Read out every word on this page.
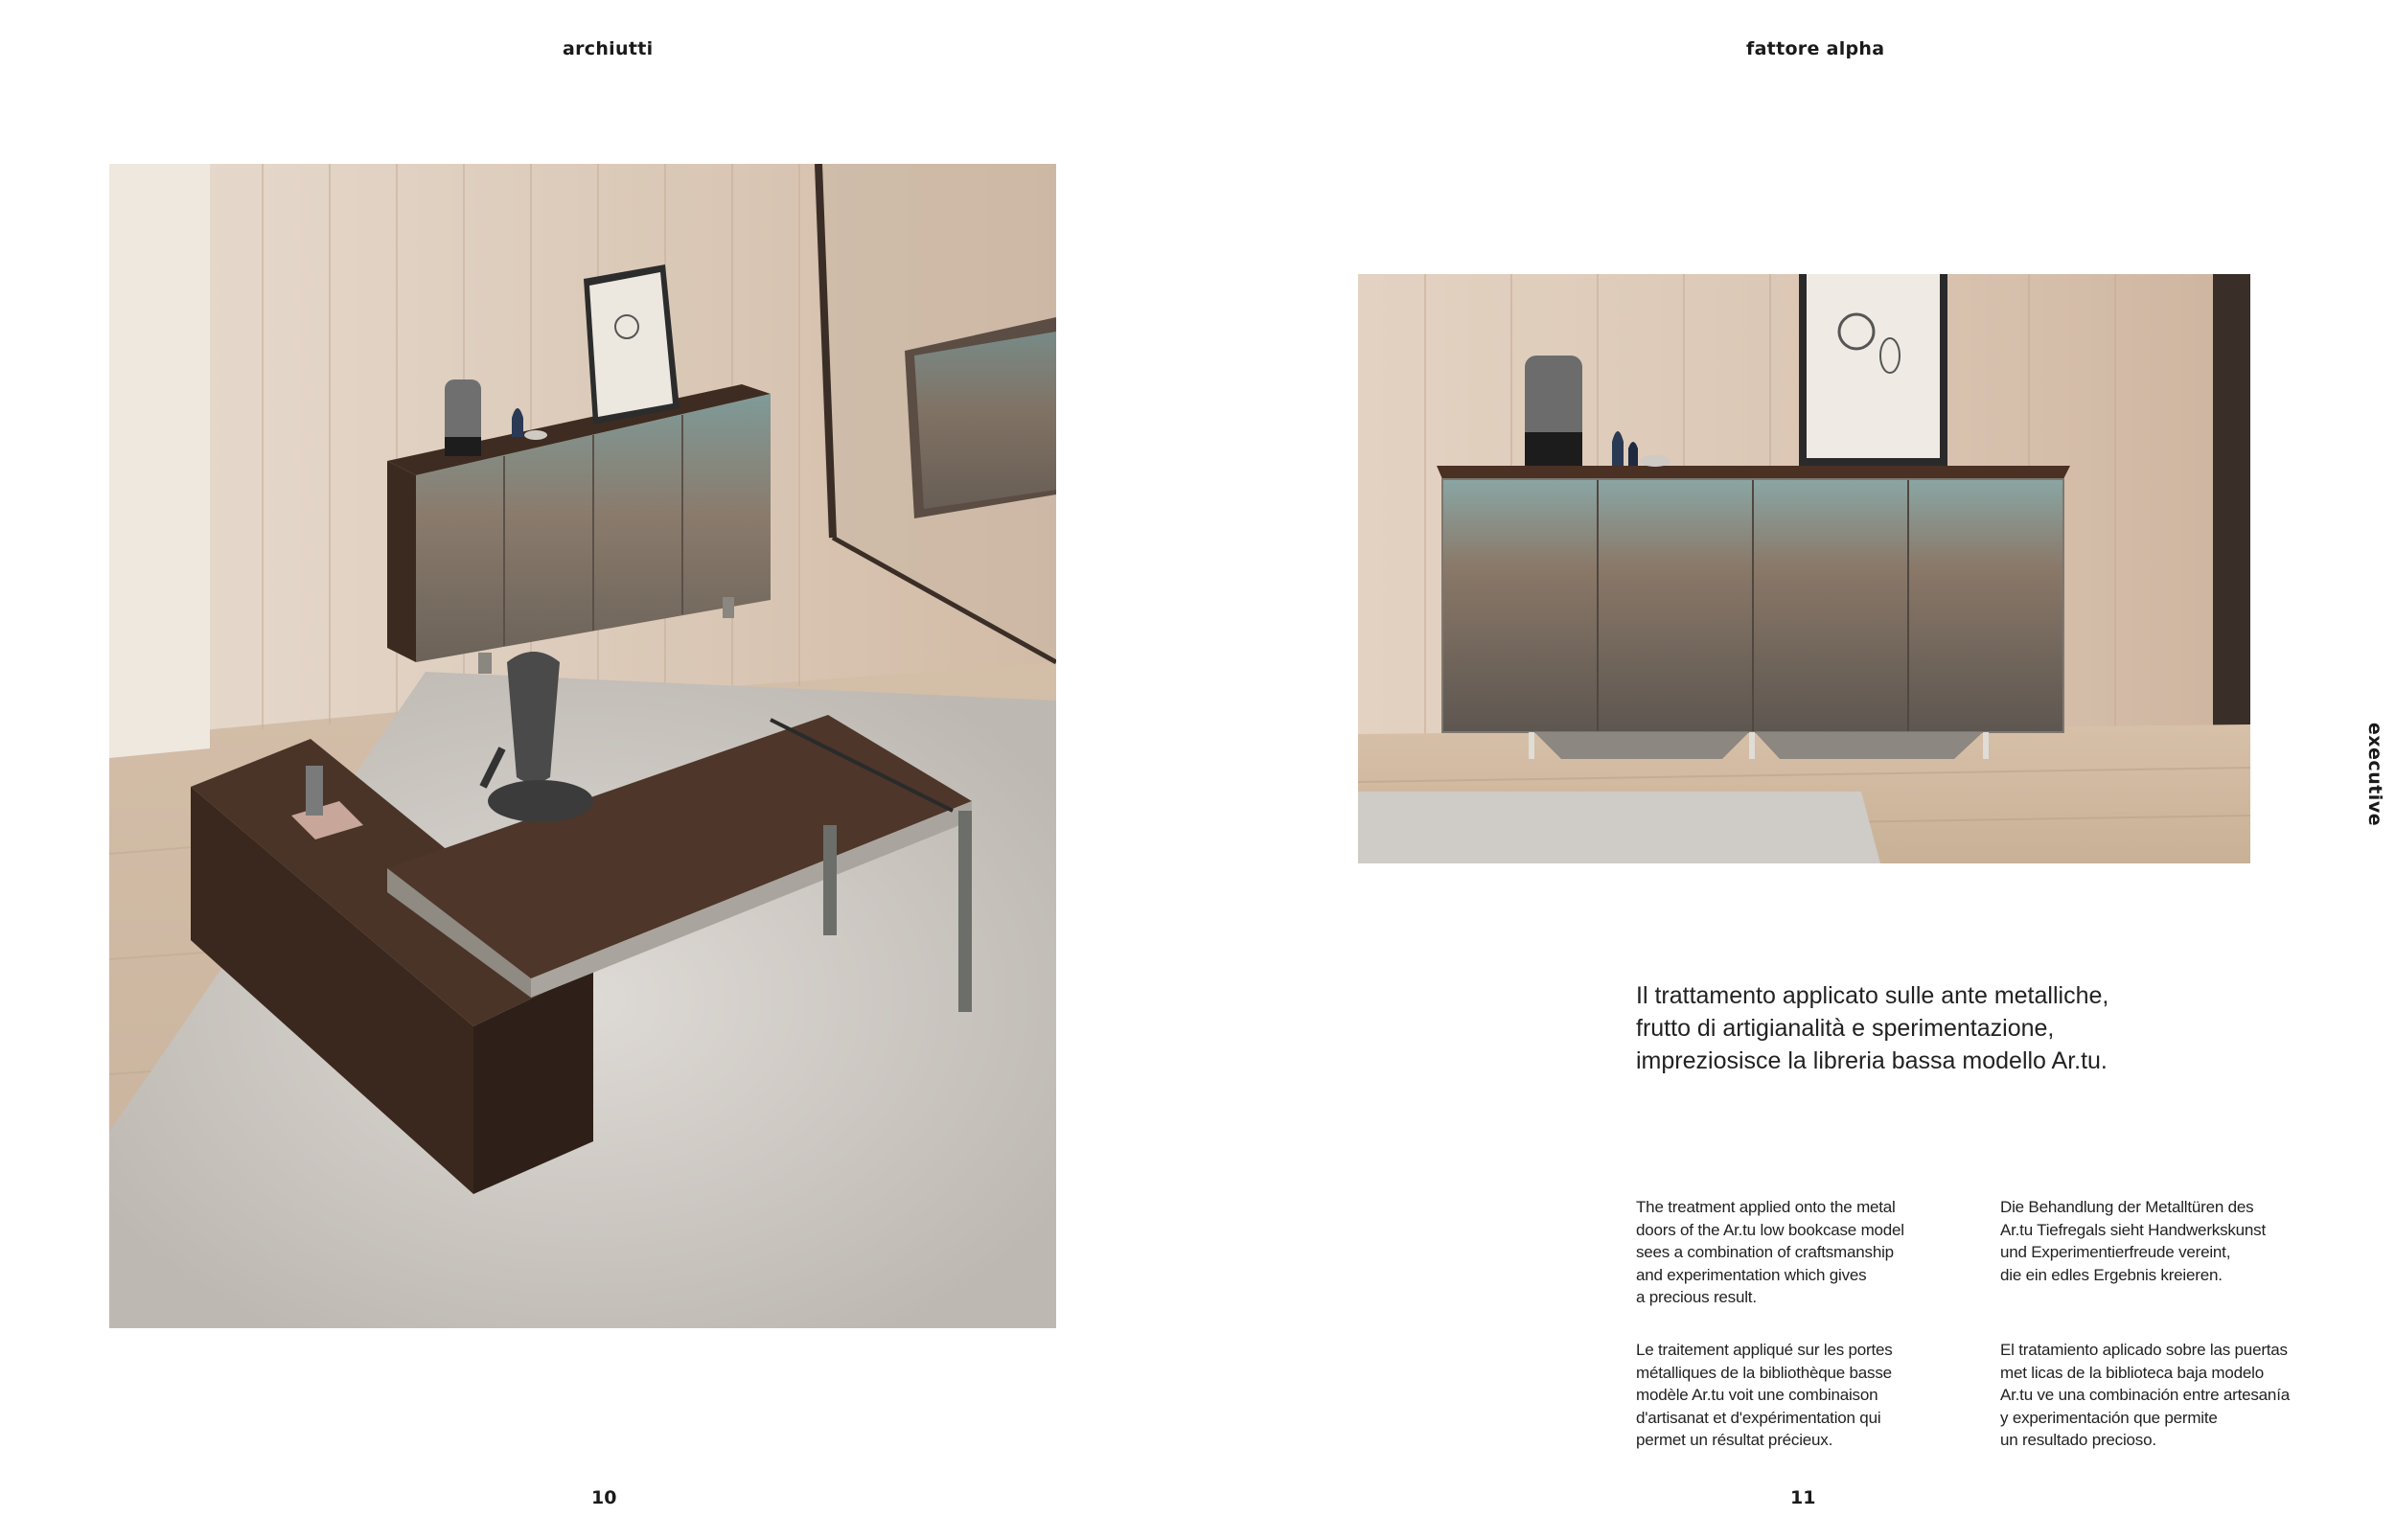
archiutti
10
fattore alpha
Il trattamento applicato sulle ante metalliche,
frutto di artigianalità e sperimentazione,
impreziosisce la libreria bassa modello Ar.tu.
The treatment applied onto the metal
doors of the Ar.tu low bookcase model
sees a combination of craftsmanship
and experimentation which gives
a precious result.
Die Behandlung der Metalltüren des
Ar.tu Tiefregals sieht Handwerkskunst
und Experimentierfreude vereint,
die ein edles Ergebnis kreieren.
Le traitement appliqué sur les portes
métalliques de la bibliothèque basse
modèle Ar.tu voit une combinaison
d'artisanat et d'expérimentation qui
permet un résultat précieux.
El tratamiento aplicado sobre las puertas
met licas de la biblioteca baja modelo
Ar.tu ve una combinación entre artesanía
y experimentación que permite
un resultado precioso.
executive
11
